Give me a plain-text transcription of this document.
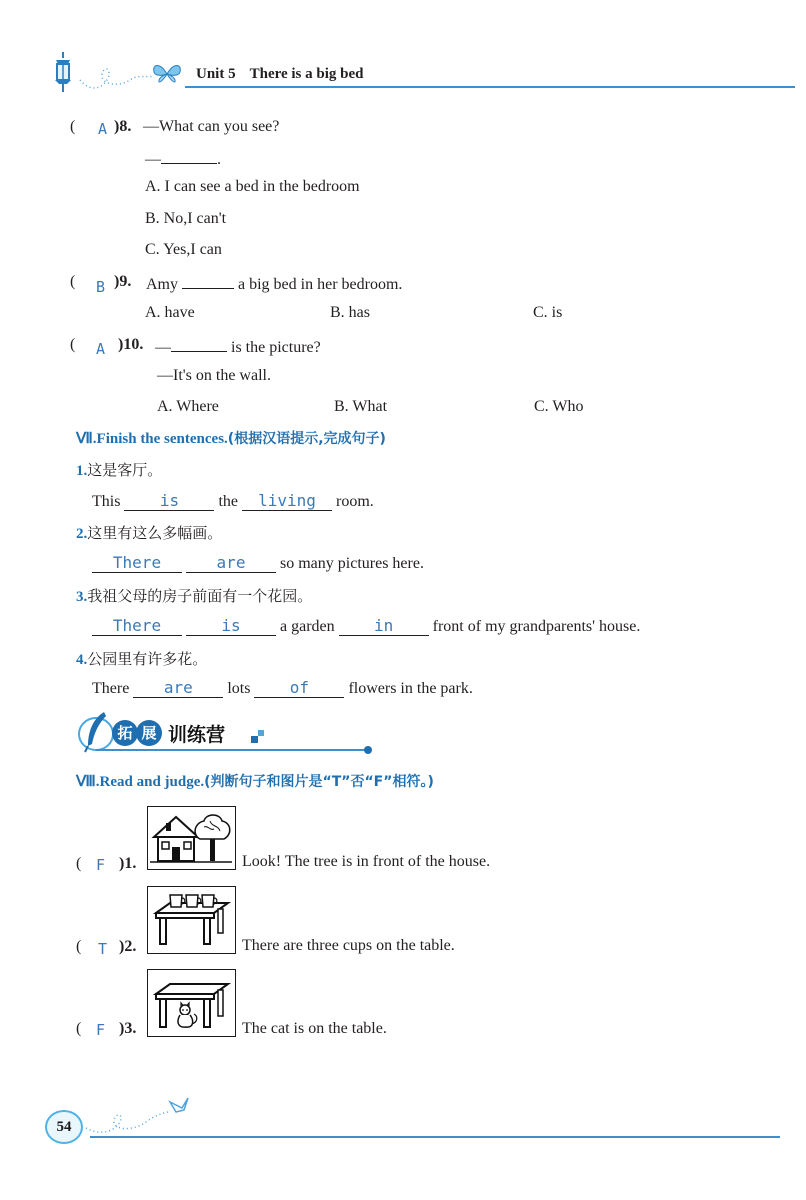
Unit 5 There is a big bed
( A )8. —What can you see?
—	.
A. I can see a bed in the bedroom
B. No,I can't
C. Yes,I can
( B )9. Amy	a big bed in her bedroom.
A. have	B. has	C. is
( A )10. —	is the picture?
—It's on the wall.
A. Where	B. What	C. Who
Ⅶ.Finish the sentences.(根据汉语提示,完成句子)
1.这是客厅。
This is the living room.
2.这里有这么多幅画。
There	are so many pictures here.
3.我祖父母的房子前面有一个花园。
There	is a garden in front of my grandparents' house.
4.公园里有许多花。
There are lots of flowers in the park.
拓 展 训练营
Ⅷ.Read and judge.(判断句子和图片是“T”否“F”相符。)
( F )1.	Look! The tree is in front of the house.
( T )2.	There are three cups on the table.
( F )3.	The cat is on the table.
54
